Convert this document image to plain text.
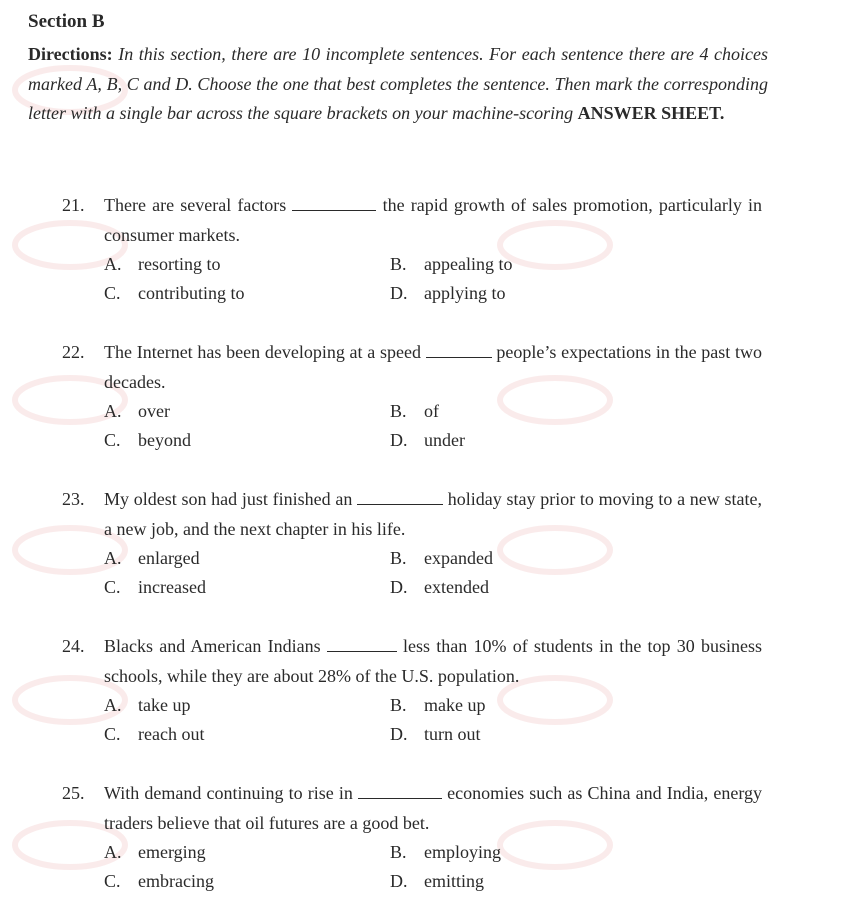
Section B
Directions: In this section, there are 10 incomplete sentences. For each sentence there are 4 choices marked A, B, C and D. Choose the one that best completes the sentence. Then mark the corresponding letter with a single bar across the square brackets on your machine-scoring ANSWER SHEET.
21. There are several factors	the rapid growth of sales promotion, particularly in consumer markets.
A. resorting to	B. appealing to
C. contributing to	D. applying to
22. The Internet has been developing at a speed	people’s expectations in the past two decades.
A. over	B. of
C. beyond	D. under
23. My oldest son had just finished an	holiday stay prior to moving to a new state, a new job, and the next chapter in his life.
A. enlarged	B. expanded
C. increased	D. extended
24. Blacks and American Indians	less than 10% of students in the top 30 business schools, while they are about 28% of the U.S. population.
A. take up	B. make up
C. reach out	D. turn out
25. With demand continuing to rise in	economies such as China and India, energy traders believe that oil futures are a good bet.
A. emerging	B. employing
C. embracing	D. emitting
